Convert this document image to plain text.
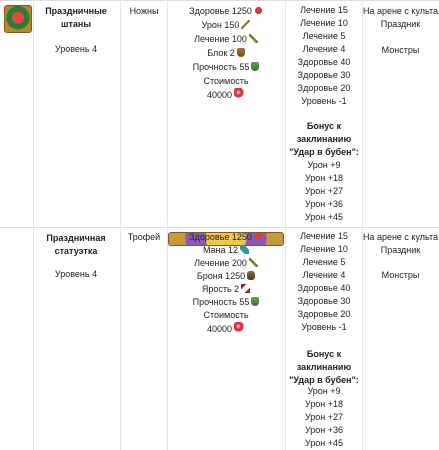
Праздничные штаны
Уровень 4
Ножны	Здоровье 1250
Урон 150
Лечение 100
Блок 2
Прочность 55
Стоимость
40000
Лечение 15
Лечение 10
Лечение 5
Лечение 4
Здоровье 40
Здоровье 30
Здоровье 20
Уровень -1
Бонус к заклинанию "Удар в бубен":
Урон +9
Урон +18
Урон +27
Урон +36
Урон +45
На арене с культа
Праздник
Монстры
Праздничная статуэтка
Уровень 4
Трофей	Здоровье 1250
Мана 12
Лечение 200
Броня 1250
Ярость 2
Прочность 55
Стоимость
40000
Лечение 15
Лечение 10
Лечение 5
Лечение 4
Здоровье 40
Здоровье 30
Здоровье 20
Уровень -1
Бонус к заклинанию "Удар в бубен":
Урон +9
Урон +18
Урон +27
Урон +36
Урон +45
На арене с культа
Праздник
Монстры
